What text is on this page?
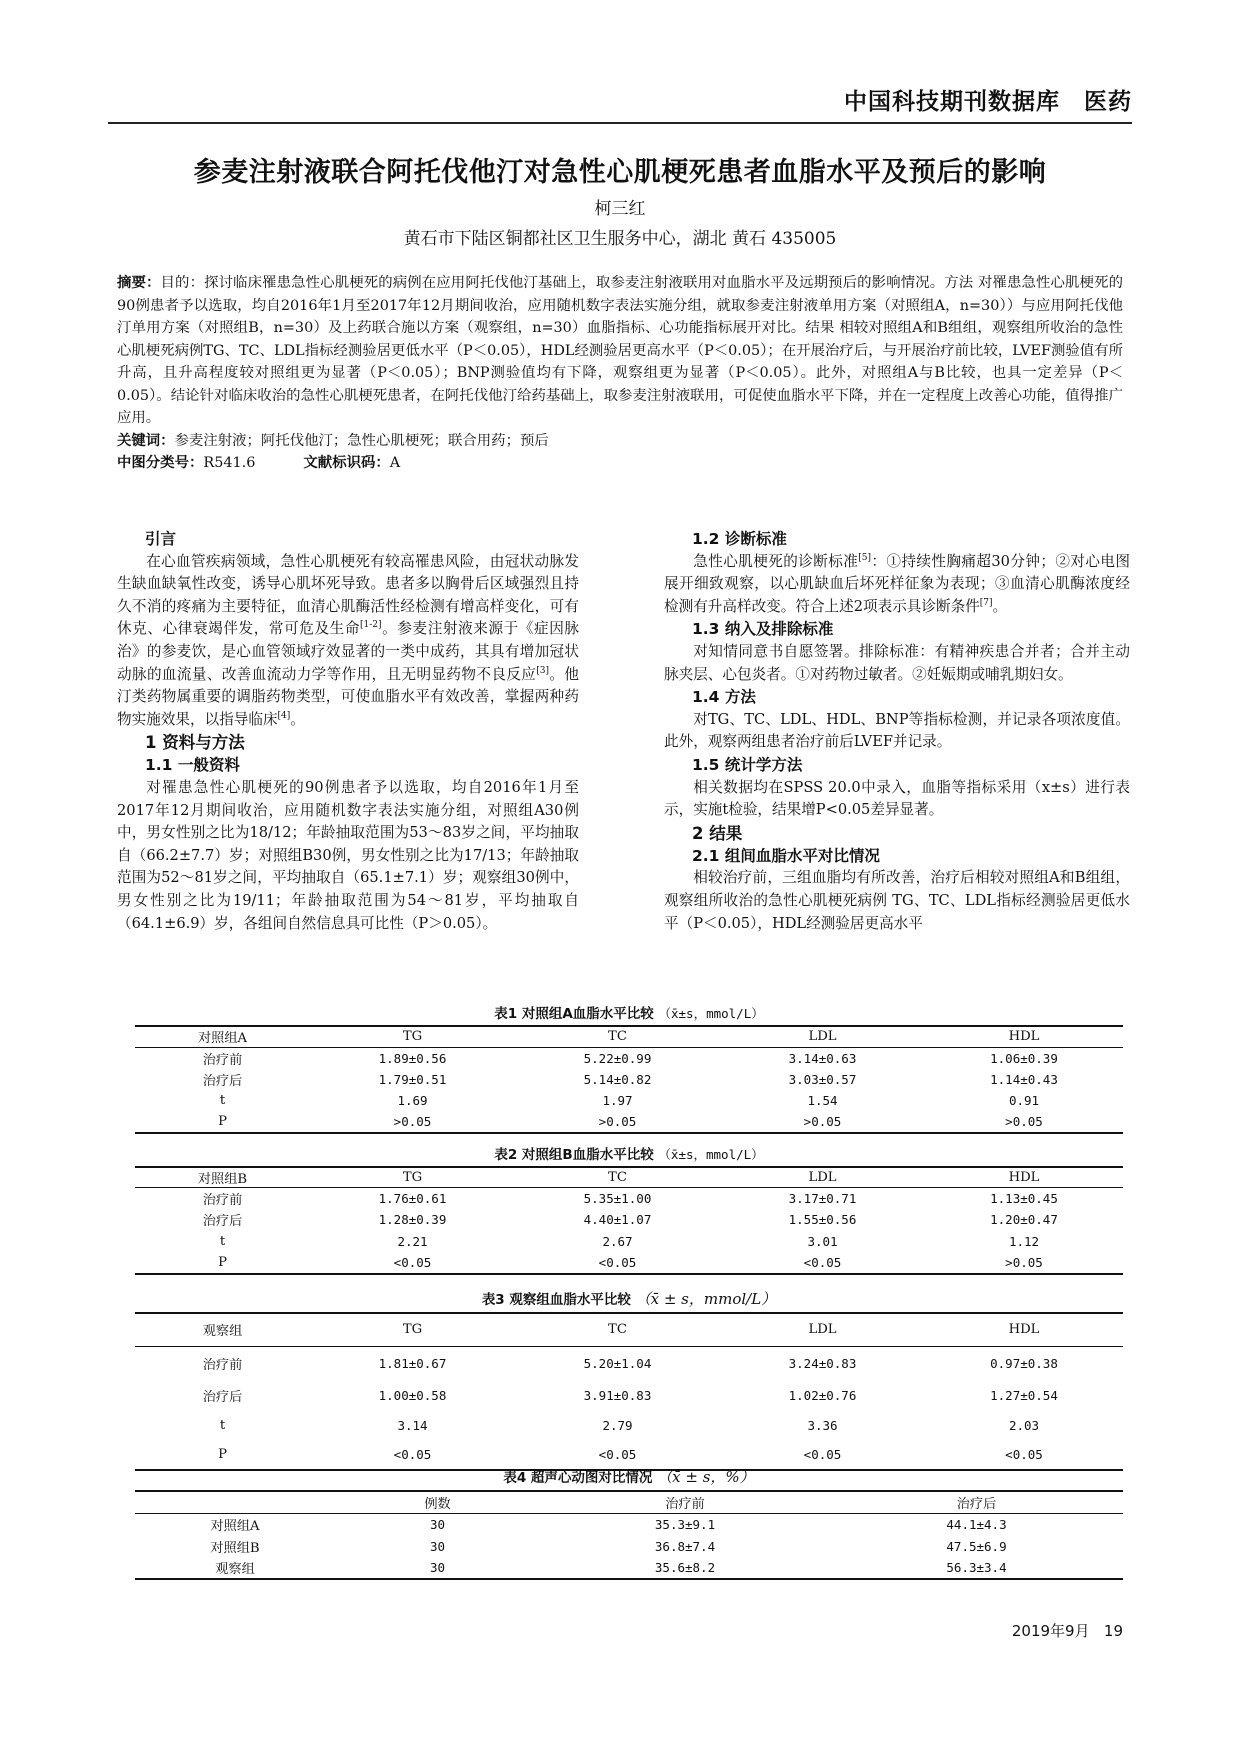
中国科技期刊数据库　医药
参麦注射液联合阿托伐他汀对急性心肌梗死患者血脂水平及预后的影响
柯三红
黄石市下陆区铜都社区卫生服务中心，湖北 黄石 435005

摘要：目的：探讨临床罹患急性心肌梗死的病例在应用阿托伐他汀基础上，取参麦注射液联用对血脂水平及远期预后的影响情况。方法 对罹患急性心肌梗死的90例患者予以选取，均自2016年1月至2017年12月期间收治，应用随机数字表法实施分组，就取参麦注射液单用方案（对照组A，n=30））与应用阿托伐他汀单用方案（对照组B，n=30）及上药联合施以方案（观察组，n=30）血脂指标、心功能指标展开对比。结果 相较对照组A和B组组，观察组所收治的急性心肌梗死病例TG、TC、LDL指标经测验居更低水平（P＜0.05），HDL经测验居更高水平（P＜0.05）；在开展治疗后，与开展治疗前比较，LVEF测验值有所升高，且升高程度较对照组更为显著（P＜0.05）；BNP测验值均有下降，观察组更为显著（P＜0.05）。此外，对照组A与B比较，也具一定差异（P＜0.05）。结论针对临床收治的急性心肌梗死患者，在阿托伐他汀给药基础上，取参麦注射液联用，可促使血脂水平下降，并在一定程度上改善心功能，值得推广应用。

关键词：参麦注射液；阿托伐他汀；急性心肌梗死；联合用药；预后

中图分类号：R541.6	文献标识码：A

引言

在心血管疾病领域，急性心肌梗死有较高罹患风险，由冠状动脉发生缺血缺氧性改变，诱导心肌坏死导致。患者多以胸骨后区域强烈且持久不消的疼痛为主要特征，血清心肌酶活性经检测有增高样变化，可有休克、心律衰竭伴发，常可危及生命[1-2]。参麦注射液来源于《症因脉治》的参麦饮，是心血管领域疗效显著的一类中成药，其具有增加冠状动脉的血流量、改善血流动力学等作用，且无明显药物不良反应[3]。他汀类药物属重要的调脂药物类型，可使血脂水平有效改善，掌握两种药物实施效果，以指导临床[4]。

1 资料与方法
1.1 一般资料

对罹患急性心肌梗死的90例患者予以选取，均自2016年1月至2017年12月期间收治，应用随机数字表法实施分组，对照组A30例中，男女性别之比为18/12；年龄抽取范围为53～83岁之间，平均抽取自（66.2±7.7）岁；对照组B30例，男女性别之比为17/13；年龄抽取范围为52～81岁之间，平均抽取自（65.1±7.1）岁；观察组30例中，男女性别之比为19/11；年龄抽取范围为54～81岁，平均抽取自（64.1±6.9）岁，各组间自然信息具可比性（P＞0.05）。

1.2 诊断标准

急性心肌梗死的诊断标准[5]：①持续性胸痛超30分钟；②对心电图展开细致观察，以心肌缺血后坏死样征象为表现；③血清心肌酶浓度经检测有升高样改变。符合上述2项表示具诊断条件[7]。

1.3 纳入及排除标准

对知情同意书自愿签署。排除标准：有精神疾患合并者；合并主动脉夹层、心包炎者。①对药物过敏者。②妊娠期或哺乳期妇女。

1.4 方法

对TG、TC、LDL、HDL、BNP等指标检测，并记录各项浓度值。此外，观察两组患者治疗前后LVEF并记录。

1.5 统计学方法

相关数据均在SPSS 20.0中录入，血脂等指标采用（x±s）进行表示，实施t检验，结果增P<0.05差异显著。

2 结果
2.1 组间血脂水平对比情况

相较治疗前，三组血脂均有所改善，治疗后相较对照组A和B组组，观察组所收治的急性心肌梗死病例 TG、TC、LDL指标经测验居更低水平（P＜0.05），HDL经测验居更高水平

表1 对照组A血脂水平比较 （x̄±s，mmol/L）
对照组A	TG	TC	LDL	HDL
治疗前	1.89±0.56	5.22±0.99	3.14±0.63	1.06±0.39
治疗后	1.79±0.51	5.14±0.82	3.03±0.57	1.14±0.43
t	1.69	1.97	1.54	0.91
P	>0.05	>0.05	>0.05	>0.05
表2 对照组B血脂水平比较 （x̄±s，mmol/L）
对照组B	TG	TC	LDL	HDL
治疗前	1.76±0.61	5.35±1.00	3.17±0.71	1.13±0.45
治疗后	1.28±0.39	4.40±1.07	1.55±0.56	1.20±0.47
t	2.21	2.67	3.01	1.12
P	<0.05	<0.05	<0.05	>0.05
表3 观察组血脂水平比较 （x̄ ± s，mmol/L）
观察组	TG	TC	LDL	HDL
治疗前	1.81±0.67	5.20±1.04	3.24±0.83	0.97±0.38
治疗后	1.00±0.58	3.91±0.83	1.02±0.76	1.27±0.54
t	3.14	2.79	3.36	2.03
P	<0.05	<0.05	<0.05	<0.05
表4 超声心动图对比情况 （x̄ ± s，%）
	例数	治疗前	治疗后
对照组A	30	35.3±9.1	44.1±4.3
对照组B	30	36.8±7.4	47.5±6.9
观察组	30	35.6±8.2	56.3±3.4
2019年9月 19
